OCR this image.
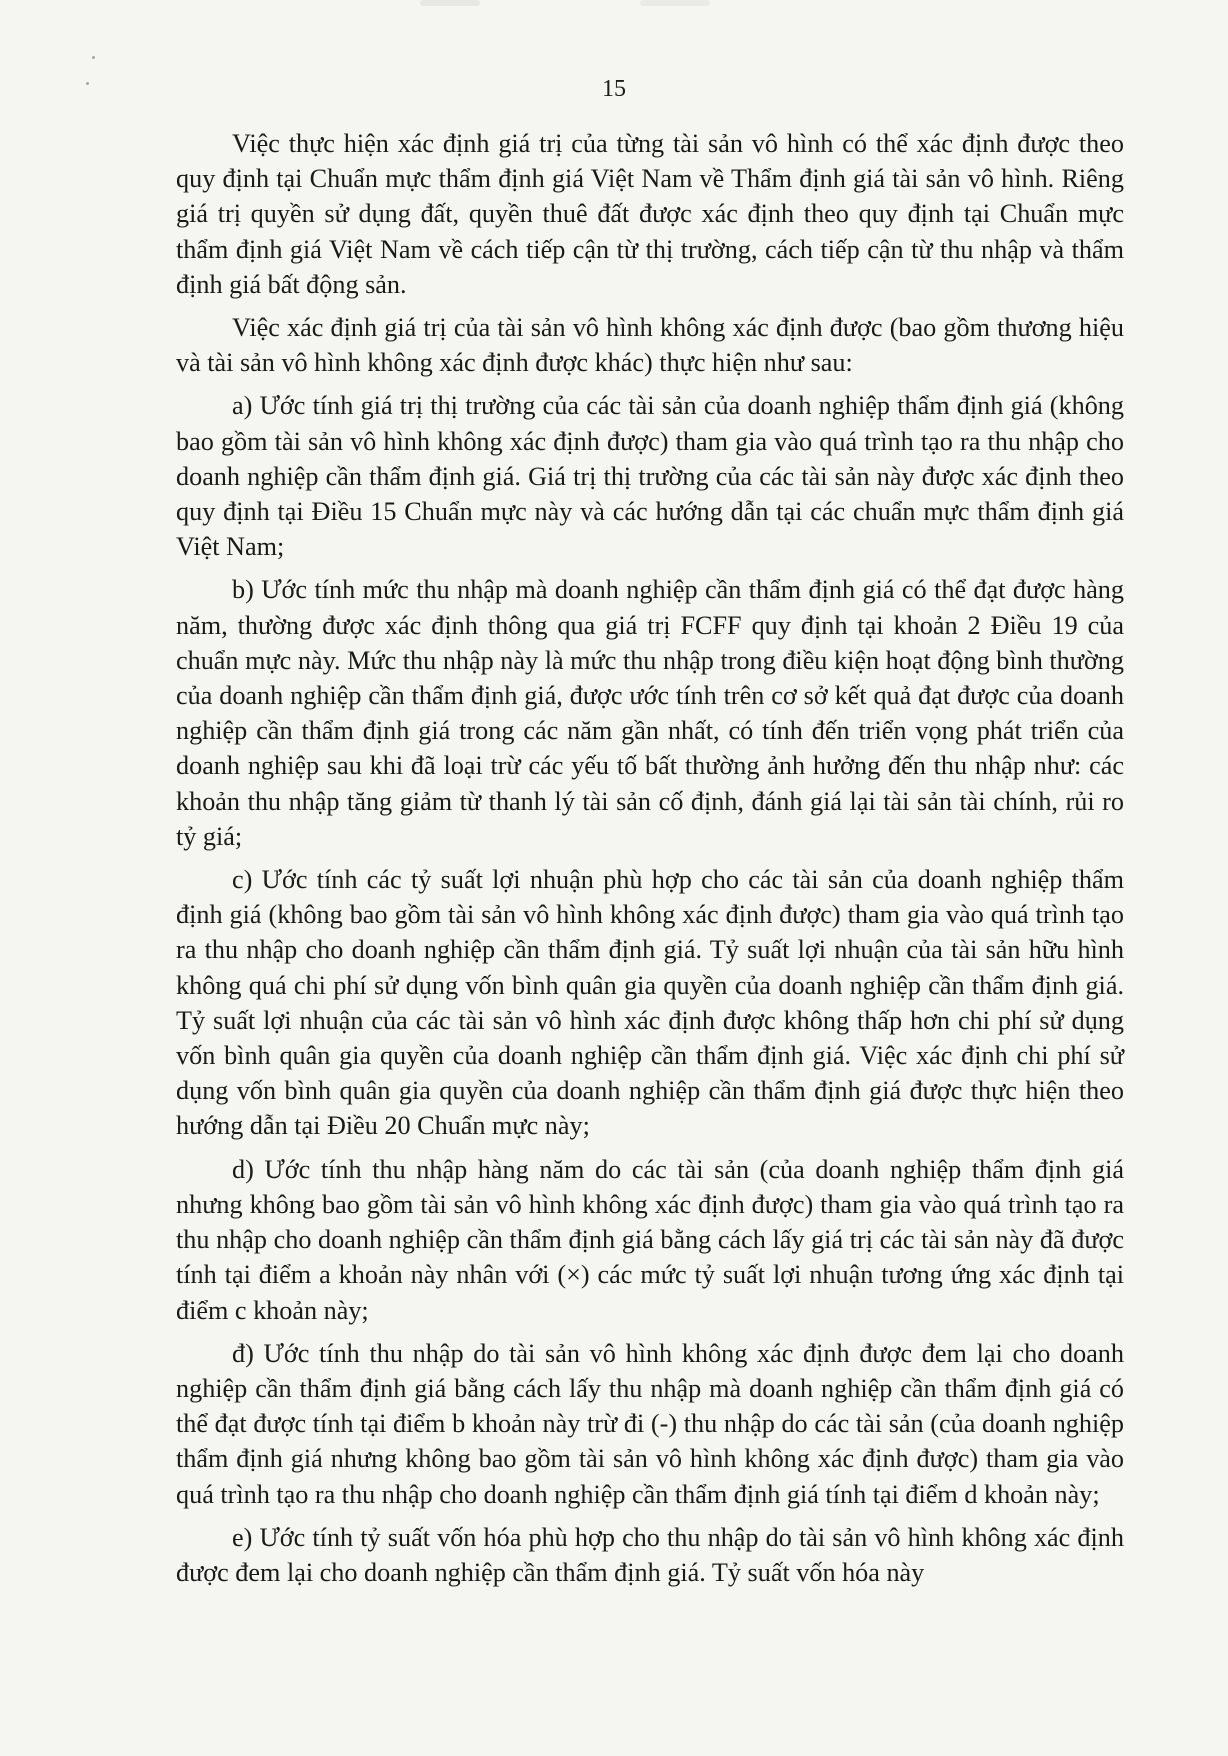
15

Việc thực hiện xác định giá trị của từng tài sản vô hình có thể xác định được theo quy định tại Chuẩn mực thẩm định giá Việt Nam về Thẩm định giá tài sản vô hình. Riêng giá trị quyền sử dụng đất, quyền thuê đất được xác định theo quy định tại Chuẩn mực thẩm định giá Việt Nam về cách tiếp cận từ thị trường, cách tiếp cận từ thu nhập và thẩm định giá bất động sản.

Việc xác định giá trị của tài sản vô hình không xác định được (bao gồm thương hiệu và tài sản vô hình không xác định được khác) thực hiện như sau:

a) Ước tính giá trị thị trường của các tài sản của doanh nghiệp thẩm định giá (không bao gồm tài sản vô hình không xác định được) tham gia vào quá trình tạo ra thu nhập cho doanh nghiệp cần thẩm định giá. Giá trị thị trường của các tài sản này được xác định theo quy định tại Điều 15 Chuẩn mực này và các hướng dẫn tại các chuẩn mực thẩm định giá Việt Nam;

b) Ước tính mức thu nhập mà doanh nghiệp cần thẩm định giá có thể đạt được hàng năm, thường được xác định thông qua giá trị FCFF quy định tại khoản 2 Điều 19 của chuẩn mực này. Mức thu nhập này là mức thu nhập trong điều kiện hoạt động bình thường của doanh nghiệp cần thẩm định giá, được ước tính trên cơ sở kết quả đạt được của doanh nghiệp cần thẩm định giá trong các năm gần nhất, có tính đến triển vọng phát triển của doanh nghiệp sau khi đã loại trừ các yếu tố bất thường ảnh hưởng đến thu nhập như: các khoản thu nhập tăng giảm từ thanh lý tài sản cố định, đánh giá lại tài sản tài chính, rủi ro tỷ giá;

c) Ước tính các tỷ suất lợi nhuận phù hợp cho các tài sản của doanh nghiệp thẩm định giá (không bao gồm tài sản vô hình không xác định được) tham gia vào quá trình tạo ra thu nhập cho doanh nghiệp cần thẩm định giá. Tỷ suất lợi nhuận của tài sản hữu hình không quá chi phí sử dụng vốn bình quân gia quyền của doanh nghiệp cần thẩm định giá. Tỷ suất lợi nhuận của các tài sản vô hình xác định được không thấp hơn chi phí sử dụng vốn bình quân gia quyền của doanh nghiệp cần thẩm định giá. Việc xác định chi phí sử dụng vốn bình quân gia quyền của doanh nghiệp cần thẩm định giá được thực hiện theo hướng dẫn tại Điều 20 Chuẩn mực này;

d) Ước tính thu nhập hàng năm do các tài sản (của doanh nghiệp thẩm định giá nhưng không bao gồm tài sản vô hình không xác định được) tham gia vào quá trình tạo ra thu nhập cho doanh nghiệp cần thẩm định giá bằng cách lấy giá trị các tài sản này đã được tính tại điểm a khoản này nhân với (×) các mức tỷ suất lợi nhuận tương ứng xác định tại điểm c khoản này;

đ) Ước tính thu nhập do tài sản vô hình không xác định được đem lại cho doanh nghiệp cần thẩm định giá bằng cách lấy thu nhập mà doanh nghiệp cần thẩm định giá có thể đạt được tính tại điểm b khoản này trừ đi (-) thu nhập do các tài sản (của doanh nghiệp thẩm định giá nhưng không bao gồm tài sản vô hình không xác định được) tham gia vào quá trình tạo ra thu nhập cho doanh nghiệp cần thẩm định giá tính tại điểm d khoản này;

e) Ước tính tỷ suất vốn hóa phù hợp cho thu nhập do tài sản vô hình không xác định được đem lại cho doanh nghiệp cần thẩm định giá. Tỷ suất vốn hóa này
